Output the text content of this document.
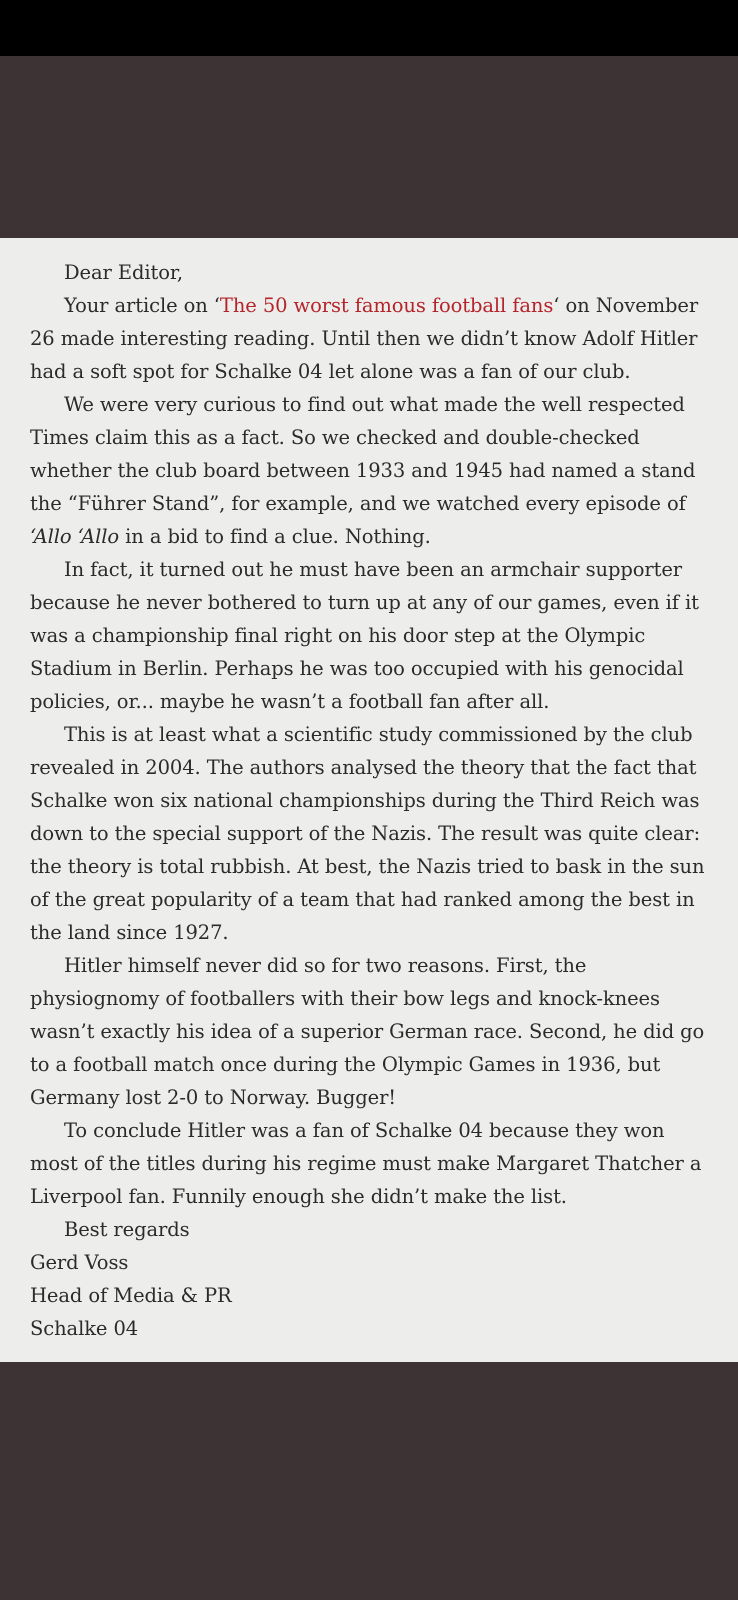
Dear Editor,

Your article on ‘The 50 worst famous football fans‘ on November 26 made interesting reading. Until then we didn’t know Adolf Hitler had a soft spot for Schalke 04 let alone was a fan of our club.

We were very curious to find out what made the well respected Times claim this as a fact. So we checked and double-checked whether the club board between 1933 and 1945 had named a stand the “Führer Stand”, for example, and we watched every episode of ‘Allo ‘Allo in a bid to find a clue. Nothing.

In fact, it turned out he must have been an armchair supporter because he never bothered to turn up at any of our games, even if it was a championship final right on his door step at the Olympic Stadium in Berlin. Perhaps he was too occupied with his genocidal policies, or... maybe he wasn’t a football fan after all.

This is at least what a scientific study commissioned by the club revealed in 2004. The authors analysed the theory that the fact that Schalke won six national championships during the Third Reich was down to the special support of the Nazis. The result was quite clear: the theory is total rubbish. At best, the Nazis tried to bask in the sun of the great popularity of a team that had ranked among the best in the land since 1927.

Hitler himself never did so for two reasons. First, the physiognomy of footballers with their bow legs and knock-knees wasn’t exactly his idea of a superior German race. Second, he did go to a football match once during the Olympic Games in 1936, but Germany lost 2-0 to Norway. Bugger!

To conclude Hitler was a fan of Schalke 04 because they won most of the titles during his regime must make Margaret Thatcher a Liverpool fan. Funnily enough she didn’t make the list.

Best regards

Gerd Voss

Head of Media & PR

Schalke 04
